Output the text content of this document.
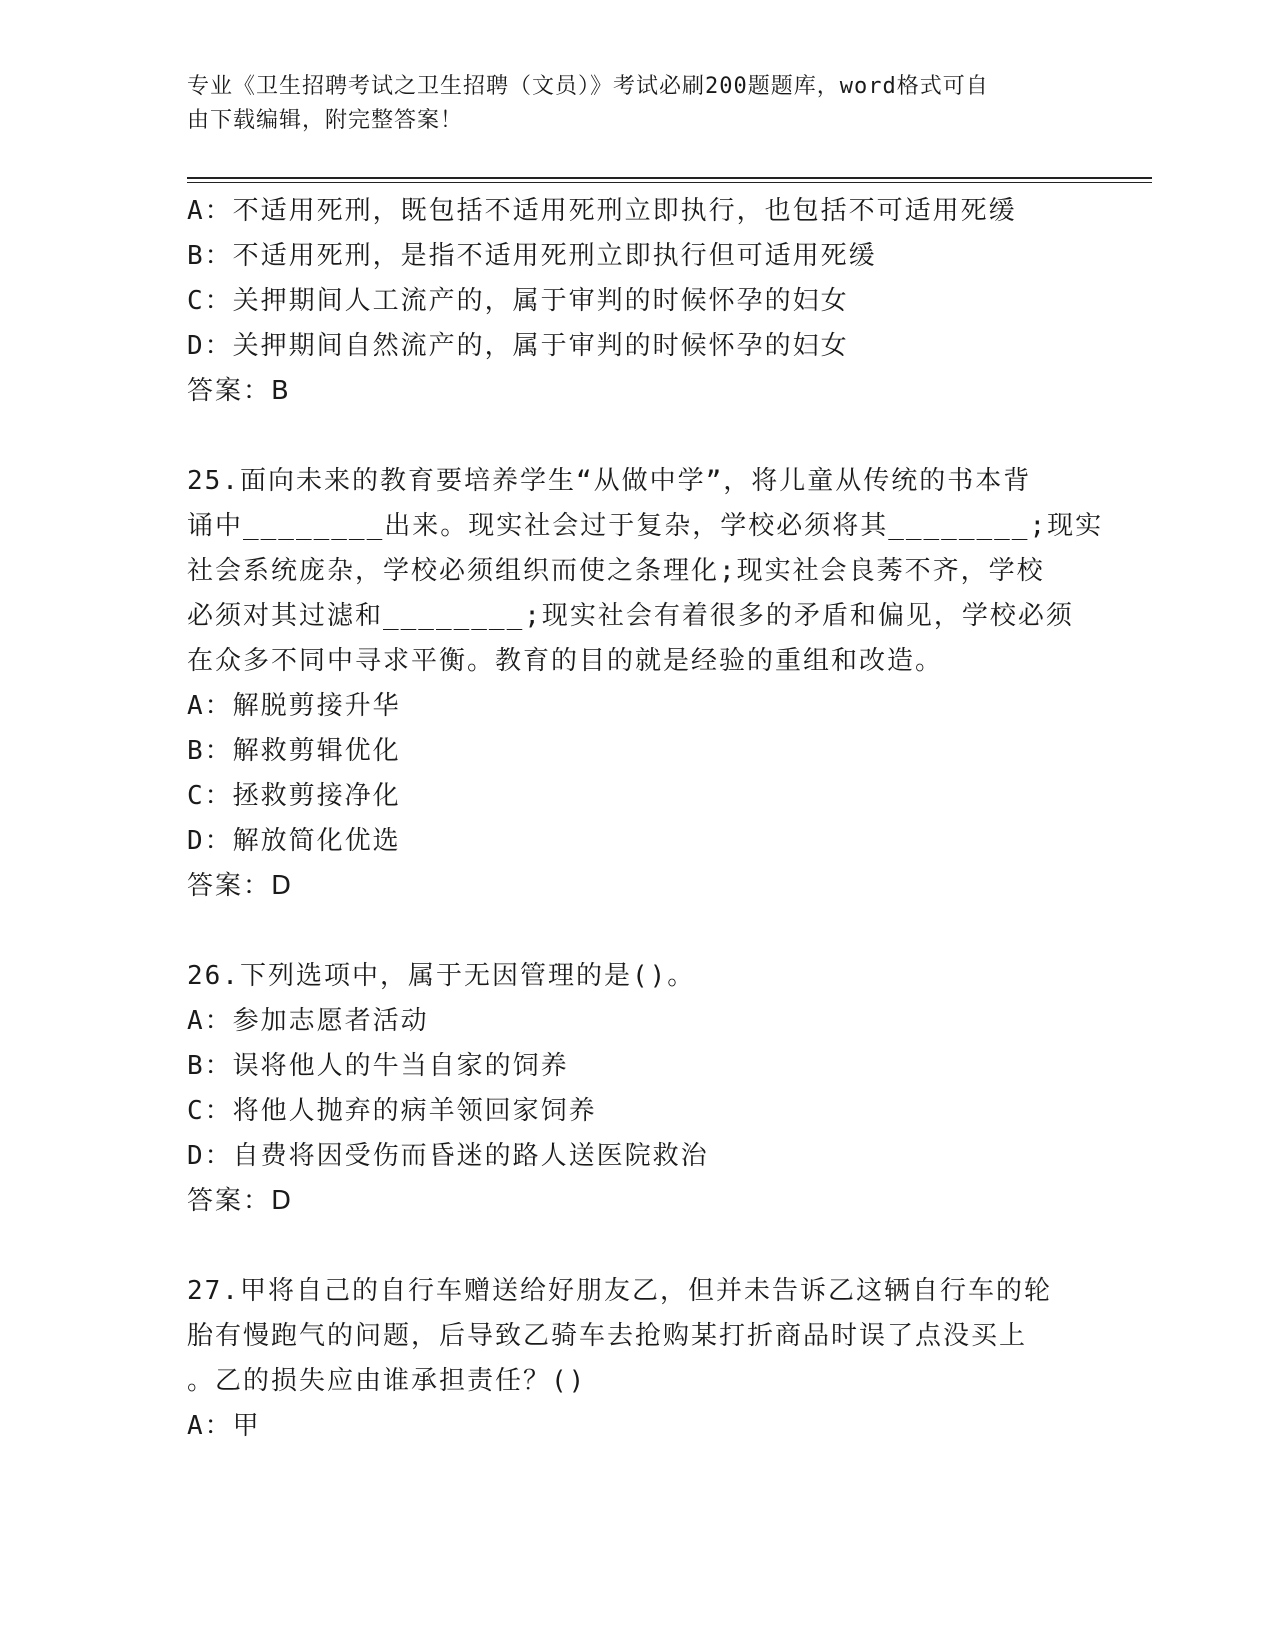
专业《卫生招聘考试之卫生招聘（文员）》考试必刷200题题库，word格式可自
由下载编辑，附完整答案！
A：不适用死刑，既包括不适用死刑立即执行，也包括不可适用死缓
B：不适用死刑，是指不适用死刑立即执行但可适用死缓
C：关押期间人工流产的，属于审判的时候怀孕的妇女
D：关押期间自然流产的，属于审判的时候怀孕的妇女
答案：B
25.面向未来的教育要培养学生“从做中学”，将儿童从传统的书本背
诵中________出来。现实社会过于复杂，学校必须将其________;现实
社会系统庞杂，学校必须组织而使之条理化;现实社会良莠不齐，学校
必须对其过滤和________;现实社会有着很多的矛盾和偏见，学校必须
在众多不同中寻求平衡。教育的目的就是经验的重组和改造。
A：解脱剪接升华
B：解救剪辑优化
C：拯救剪接净化
D：解放简化优选
答案：D
26.下列选项中，属于无因管理的是()。
A：参加志愿者活动
B：误将他人的牛当自家的饲养
C：将他人抛弃的病羊领回家饲养
D：自费将因受伤而昏迷的路人送医院救治
答案：D
27.甲将自己的自行车赠送给好朋友乙，但并未告诉乙这辆自行车的轮
胎有慢跑气的问题，后导致乙骑车去抢购某打折商品时误了点没买上
。乙的损失应由谁承担责任？()
A：甲
